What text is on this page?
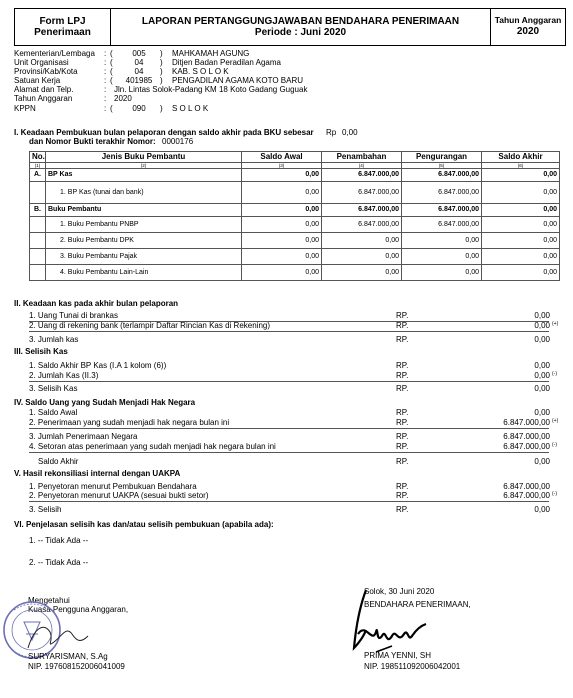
Form LPJ
Penerimaan
LAPORAN PERTANGGUNGJAWABAN BENDAHARA PENERIMAAN
Periode : Juni 2020
Tahun Anggaran
2020
Kementerian/Lembaga : (	005	) MAHKAMAH AGUNG
Unit Organisasi	: (	04	) Ditjen Badan Peradilan Agama
Provinsi/Kab/Kota	: (	04	) KAB. S O L O K
Satuan Kerja	: (	401985 ) PENGADILAN AGAMA KOTO BARU
Alamat dan Telp.	: Jln. Lintas Solok-Padang KM 18 Koto Gadang Guguak
Tahun Anggaran	: 2020
KPPN	: (	090	) S O L O K
I. Keadaan Pembukuan bulan pelaporan dengan saldo akhir pada BKU sebesar Rp 0,00
dan Nomor Bukti terakhir Nomor: 0000176
No.	Jenis Buku Pembantu	Saldo Awal	Penambahan	Pengurangan	Saldo Akhir
(1)	(2)	(3)	(4)	(5)	(6)
A.	BP Kas	0,00	6.847.000,00	6.847.000,00	0,00
	1. BP Kas (tunai dan bank)	0,00	6.847.000,00	6.847.000,00	0,00
B.	Buku Pembantu	0,00	6.847.000,00	6.847.000,00	0,00
	1. Buku Pembantu PNBP	0,00	6.847.000,00	6.847.000,00	0,00
	2. Buku Pembantu DPK	0,00	0,00	0,00	0,00
	3. Buku Pembantu Pajak	0,00	0,00	0,00	0,00
	4. Buku Pembantu Lain-Lain	0,00	0,00	0,00	0,00
II. Keadaan kas pada akhir bulan pelaporan
1. Uang Tunai di brankas	RP.	0,00
2. Uang di rekening bank (terlampir Daftar Rincian Kas di Rekening)	RP.	0,00 (+)
3. Jumlah kas	RP.	0,00
III. Selisih Kas
1. Saldo Akhir BP Kas (I.A 1 kolom (6))	RP.	0,00
2. Jumlah Kas (II.3)	RP.	0,00 (-)
3. Selisih Kas	RP.	0,00
IV. Saldo Uang yang Sudah Menjadi Hak Negara
1. Saldo Awal	RP.	0,00
2. Penerimaan yang sudah menjadi hak negara bulan ini	RP.	6.847.000,00 (+)
3. Jumlah Penerimaan Negara	RP.	6.847.000,00
4. Setoran atas penerimaan yang sudah menjadi hak negara bulan ini	RP.	6.847.000,00 (-)
Saldo Akhir	RP.	0,00
V. Hasil rekonsiliasi internal dengan UAKPA
1. Penyetoran menurut Pembukuan Bendahara	RP.	6.847.000,00
2. Penyetoran menurut UAKPA (sesuai bukti setor)	RP.	6.847.000,00 (-)
3. Selisih	RP.	0,00
VI. Penjelasan selisih kas dan/atau selisih pembukuan (apabila ada):
1. -- Tidak Ada --
2. -- Tidak Ada --
Mengetahui
Kuasa Pengguna Anggaran,
SURYARISMAN, S.Ag
NIP. 197608152006041009
Solok, 30 Juni 2020
BENDAHARA PENERIMAAN,
PRIMA YENNI, SH
NIP. 198511092006042001
